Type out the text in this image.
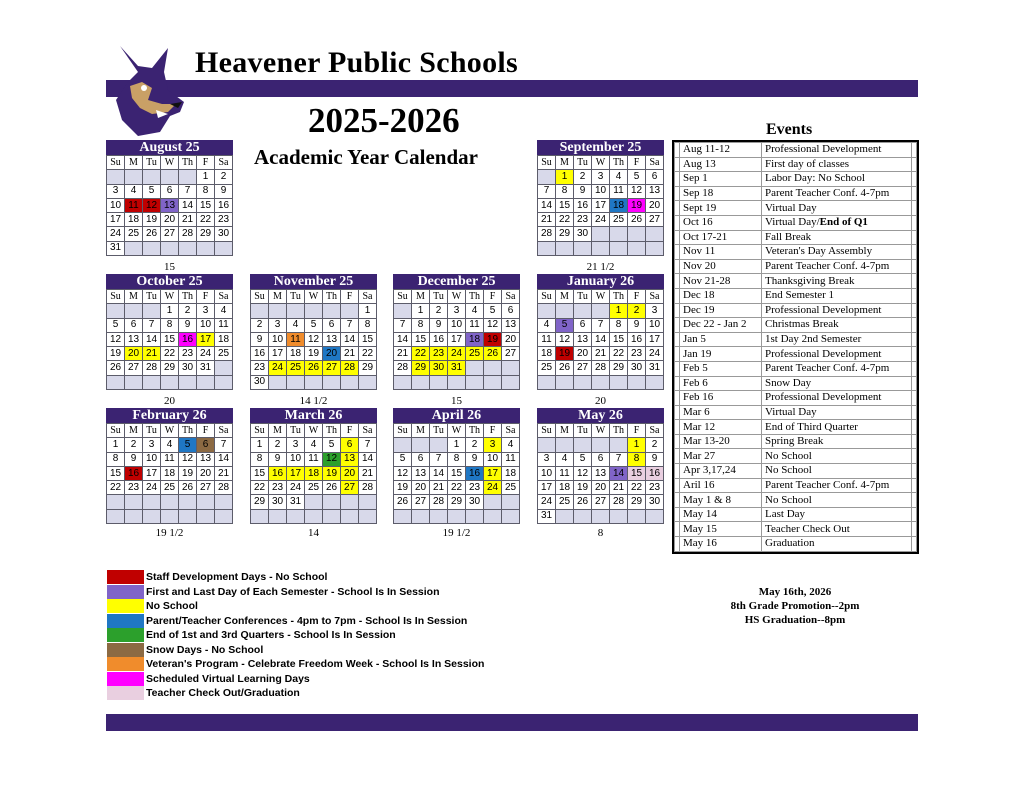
Heavener Public Schools
2025-2026
Academic Year Calendar
August 25
Su	M	Tu	W	Th	F	Sa
					1	2
3	4	5	6	7	8	9
10	11	12	13	14	15	16
17	18	19	20	21	22	23
24	25	26	27	28	29	30
31						
15
September 25
Su	M	Tu	W	Th	F	Sa
	1	2	3	4	5	6
7	8	9	10	11	12	13
14	15	16	17	18	19	20
21	22	23	24	25	26	27
28	29	30				

21 1/2
October 25
Su	M	Tu	W	Th	F	Sa
			1	2	3	4
5	6	7	8	9	10	11
12	13	14	15	16	17	18
19	20	21	22	23	24	25
26	27	28	29	30	31	

20
November 25
Su	M	Tu	W	Th	F	Sa
						1
2	3	4	5	6	7	8
9	10	11	12	13	14	15
16	17	18	19	20	21	22
23	24	25	26	27	28	29
30						
14 1/2
December 25
Su	M	Tu	W	Th	F	Sa
	1	2	3	4	5	6
7	8	9	10	11	12	13
14	15	16	17	18	19	20
21	22	23	24	25	26	27
28	29	30	31			

15
January 26
Su	M	Tu	W	Th	F	Sa
				1	2	3
4	5	6	7	8	9	10
11	12	13	14	15	16	17
18	19	20	21	22	23	24
25	26	27	28	29	30	31

20
February 26
Su	M	Tu	W	Th	F	Sa
1	2	3	4	5	6	7
8	9	10	11	12	13	14
15	16	17	18	19	20	21
22	23	24	25	26	27	28

19 1/2
March 26
Su	M	Tu	W	Th	F	Sa
1	2	3	4	5	6	7
8	9	10	11	12	13	14
15	16	17	18	19	20	21
22	23	24	25	26	27	28
29	30	31				

14
April 26
Su	M	Tu	W	Th	F	Sa
			1	2	3	4
5	6	7	8	9	10	11
12	13	14	15	16	17	18
19	20	21	22	23	24	25
26	27	28	29	30		

19 1/2
May 26
Su	M	Tu	W	Th	F	Sa
					1	2
3	4	5	6	7	8	9
10	11	12	13	14	15	16
17	18	19	20	21	22	23
24	25	26	27	28	29	30
31						
8
Events
	Aug 11-12	Professional Development	
	Aug 13	First day of classes	
	Sep 1	Labor Day: No School	
	Sep 18	Parent Teacher Conf. 4-7pm	
	Sept 19	Virtual Day	
	Oct 16	Virtual Day/End of Q1	
	Oct 17-21	Fall Break	
	Nov 11	Veteran's Day Assembly	
	Nov 20	Parent Teacher Conf. 4-7pm	
	Nov 21-28	Thanksgiving Break	
	Dec 18	End Semester 1	
	Dec 19	Professional Development	
	Dec 22 - Jan 2	Christmas Break	
	Jan 5	1st Day 2nd Semester	
	Jan 19	Professional Development	
	Feb 5	Parent Teacher Conf. 4-7pm	
	Feb 6	Snow Day	
	Feb 16	Professional Development	
	Mar 6	Virtual Day	
	Mar 12	End of Third Quarter	
	Mar 13-20	Spring Break	
	Mar 27	No School	
	Apr 3,17,24	No School	
	Aril 16	Parent Teacher Conf. 4-7pm	
	May 1 & 8	No School	
	May 14	Last Day	
	May 15	Teacher Check Out	
	May 16	Graduation	
Staff Development Days - No School
First and Last Day of Each Semester - School Is In Session
No School
Parent/Teacher Conferences - 4pm to 7pm - School Is In Session
End of 1st and 3rd Quarters - School Is In Session
Snow Days - No School
Veteran's Program - Celebrate Freedom Week - School Is In Session
Scheduled Virtual Learning Days
Teacher Check Out/Graduation
May 16th, 2026
8th Grade Promotion--2pm
HS Graduation--8pm
